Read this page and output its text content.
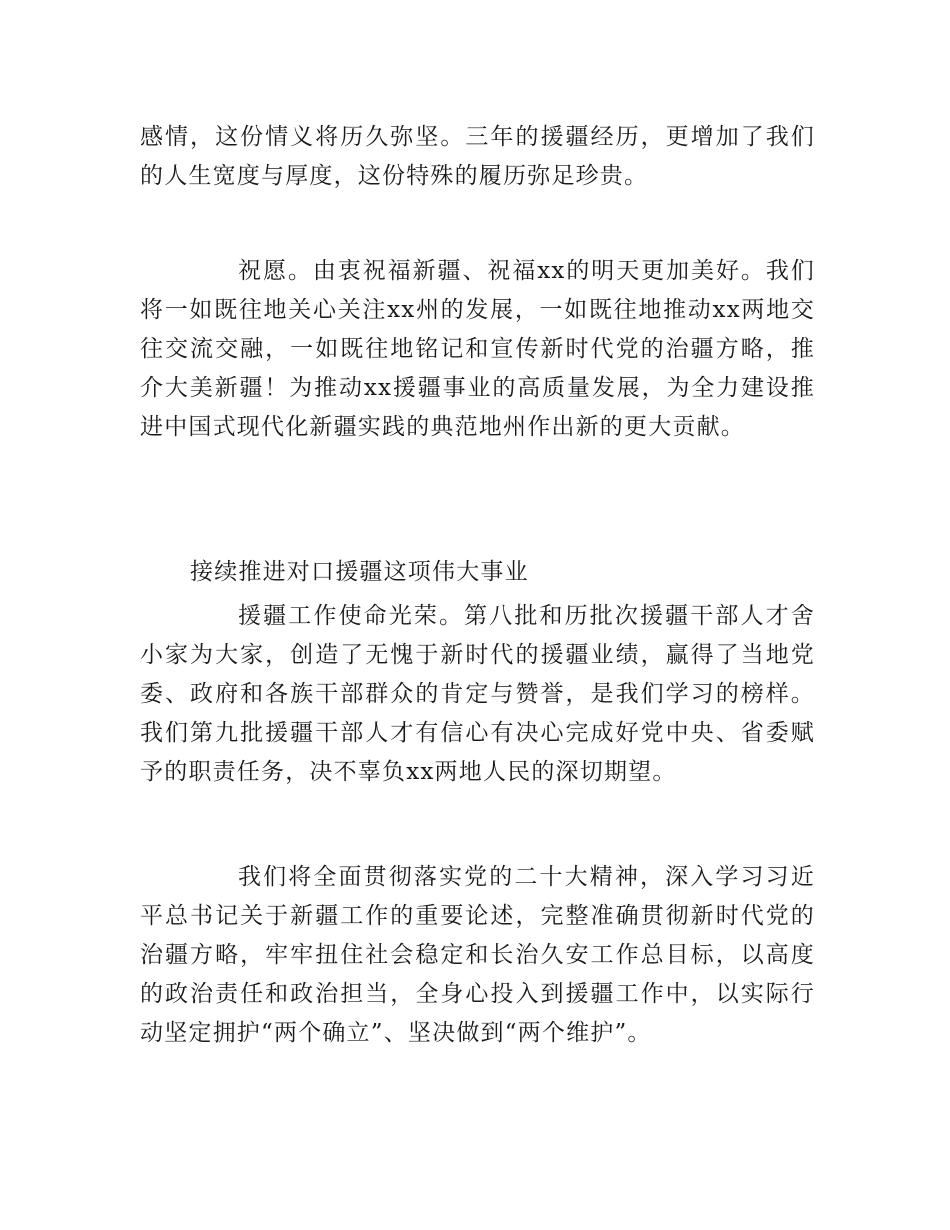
感情，这份情义将历久弥坚。三年的援疆经历，更增加了我们的人生宽度与厚度，这份特殊的履历弥足珍贵。

祝愿。由衷祝福新疆、祝福xx的明天更加美好。我们将一如既往地关心关注xx州的发展，一如既往地推动xx两地交往交流交融，一如既往地铭记和宣传新时代党的治疆方略，推介大美新疆！为推动xx援疆事业的高质量发展，为全力建设推进中国式现代化新疆实践的典范地州作出新的更大贡献。

接续推进对口援疆这项伟大事业

援疆工作使命光荣。第八批和历批次援疆干部人才舍小家为大家，创造了无愧于新时代的援疆业绩，赢得了当地党委、政府和各族干部群众的肯定与赞誉，是我们学习的榜样。我们第九批援疆干部人才有信心有决心完成好党中央、省委赋予的职责任务，决不辜负xx两地人民的深切期望。

我们将全面贯彻落实党的二十大精神，深入学习习近平总书记关于新疆工作的重要论述，完整准确贯彻新时代党的治疆方略，牢牢扭住社会稳定和长治久安工作总目标，以高度的政治责任和政治担当，全身心投入到援疆工作中，以实际行动坚定拥护“两个确立”、坚决做到“两个维护”。
